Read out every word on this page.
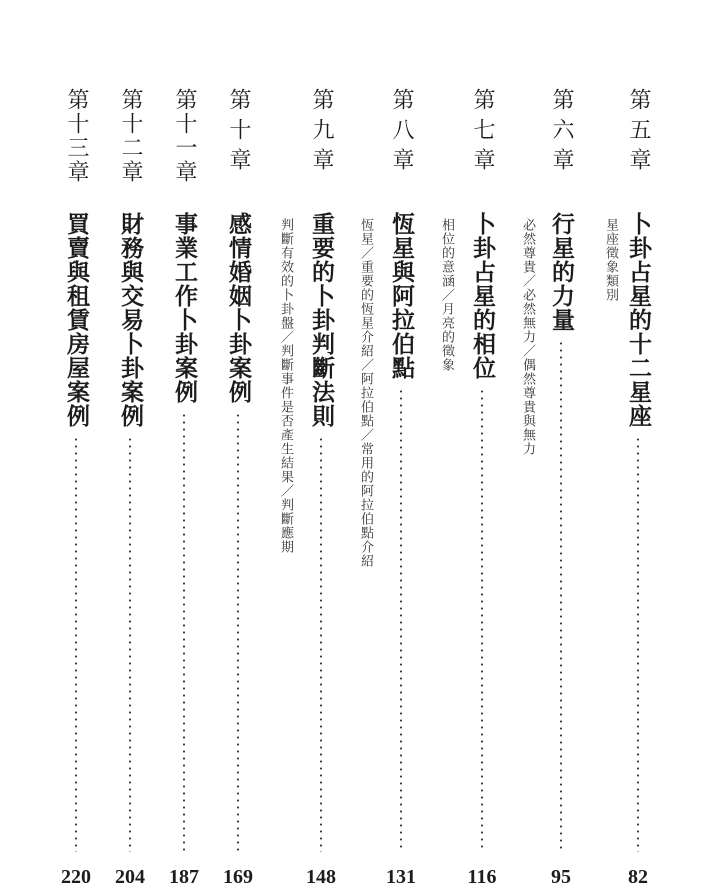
第五章
卜卦占星的十二星座
星座徵象類別
82
第六章
行星的力量
必然尊貴／必然無力／偶然尊貴與無力
95
第七章
卜卦占星的相位
相位的意涵／月亮的徵象
116
第八章
恆星與阿拉伯點
恆星／重要的恆星介紹／阿拉伯點／常用的阿拉伯點介紹
131
第九章
重要的卜卦判斷法則
判斷有效的卜卦盤／判斷事件是否產生結果／判斷應期
148
第十章
感情婚姻卜卦案例
169
第十一章
事業工作卜卦案例
187
第十二章
財務與交易卜卦案例
204
第十三章
買賣與租賃房屋案例
220
